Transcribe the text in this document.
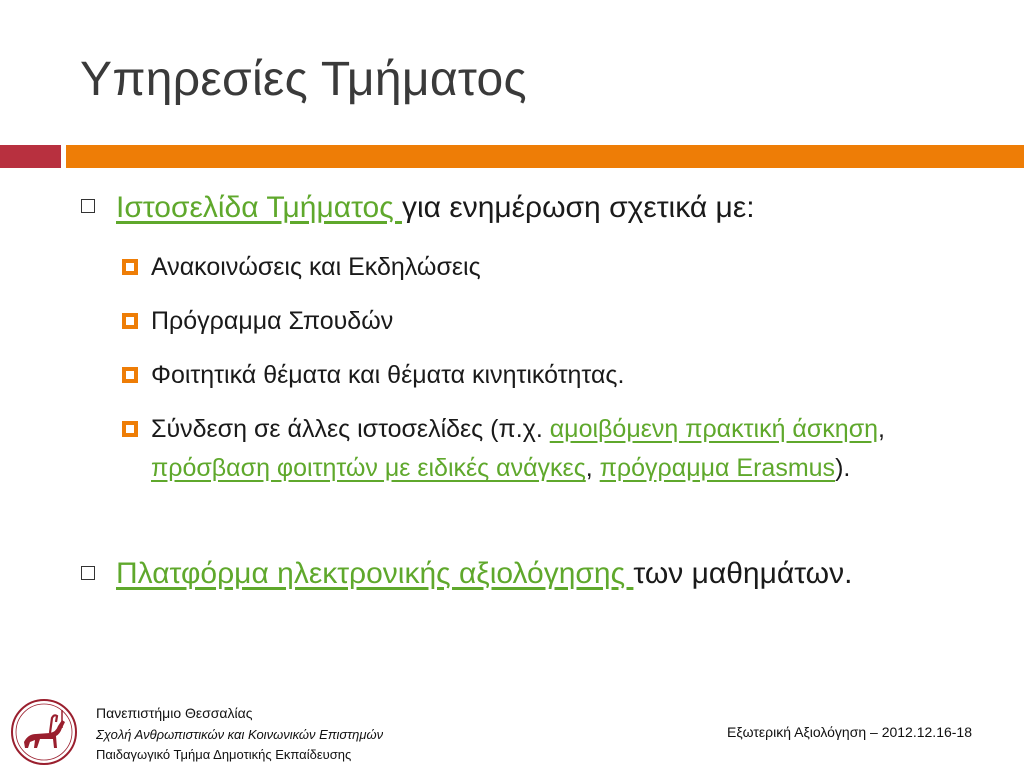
Υπηρεσίες Τμήματος
Ιστοσελίδα Τμήματος για ενημέρωση σχετικά με:
Ανακοινώσεις και Εκδηλώσεις
Πρόγραμμα Σπουδών
Φοιτητικά θέματα και θέματα κινητικότητας.
Σύνδεση σε άλλες ιστοσελίδες (π.χ. αμοιβόμενη πρακτική άσκηση, πρόσβαση φοιτητών με ειδικές ανάγκες, πρόγραμμα Erasmus).
Πλατφόρμα ηλεκτρονικής αξιολόγησης των μαθημάτων.
Πανεπιστήμιο Θεσσαλίας
Σχολή Ανθρωπιστικών και Κοινωνικών Επιστημών
Παιδαγωγικό Τμήμα Δημοτικής Εκπαίδευσης
Εξωτερική Αξιολόγηση – 2012.12.16-18
